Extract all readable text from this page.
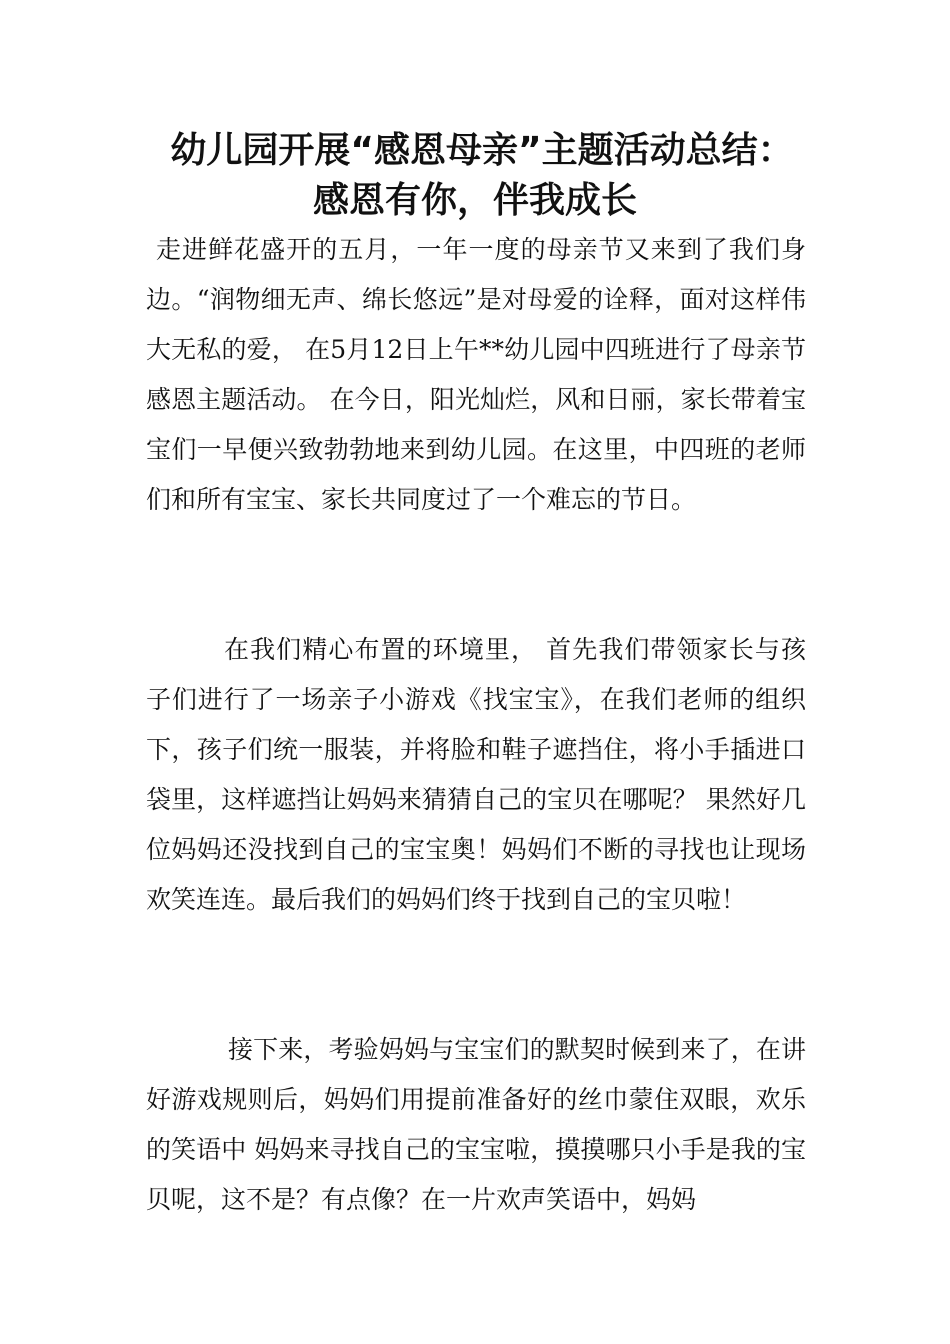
幼儿园开展“感恩母亲”主题活动总结：
感恩有你，伴我成长

走进鲜花盛开的五月，一年一度的母亲节又来到了我们身边。“润物细无声、绵长悠远”是对母爱的诠释，面对这样伟大无私的爱， 在5月12日上午**幼儿园中四班进行了母亲节感恩主题活动。 在今日，阳光灿烂，风和日丽，家长带着宝宝们一早便兴致勃勃地来到幼儿园。在这里，中四班的老师们和所有宝宝、家长共同度过了一个难忘的节日。

在我们精心布置的环境里， 首先我们带领家长与孩子们进行了一场亲子小游戏《找宝宝》，在我们老师的组织下，孩子们统一服装，并将脸和鞋子遮挡住，将小手插进口袋里，这样遮挡让妈妈来猜猜自己的宝贝在哪呢？ 果然好几位妈妈还没找到自己的宝宝奥！妈妈们不断的寻找也让现场欢笑连连。最后我们的妈妈们终于找到自己的宝贝啦！

接下来，考验妈妈与宝宝们的默契时候到来了，在讲好游戏规则后，妈妈们用提前准备好的丝巾蒙住双眼，欢乐的笑语中 妈妈来寻找自己的宝宝啦，摸摸哪只小手是我的宝贝呢，这不是？有点像？在一片欢声笑语中，妈妈
